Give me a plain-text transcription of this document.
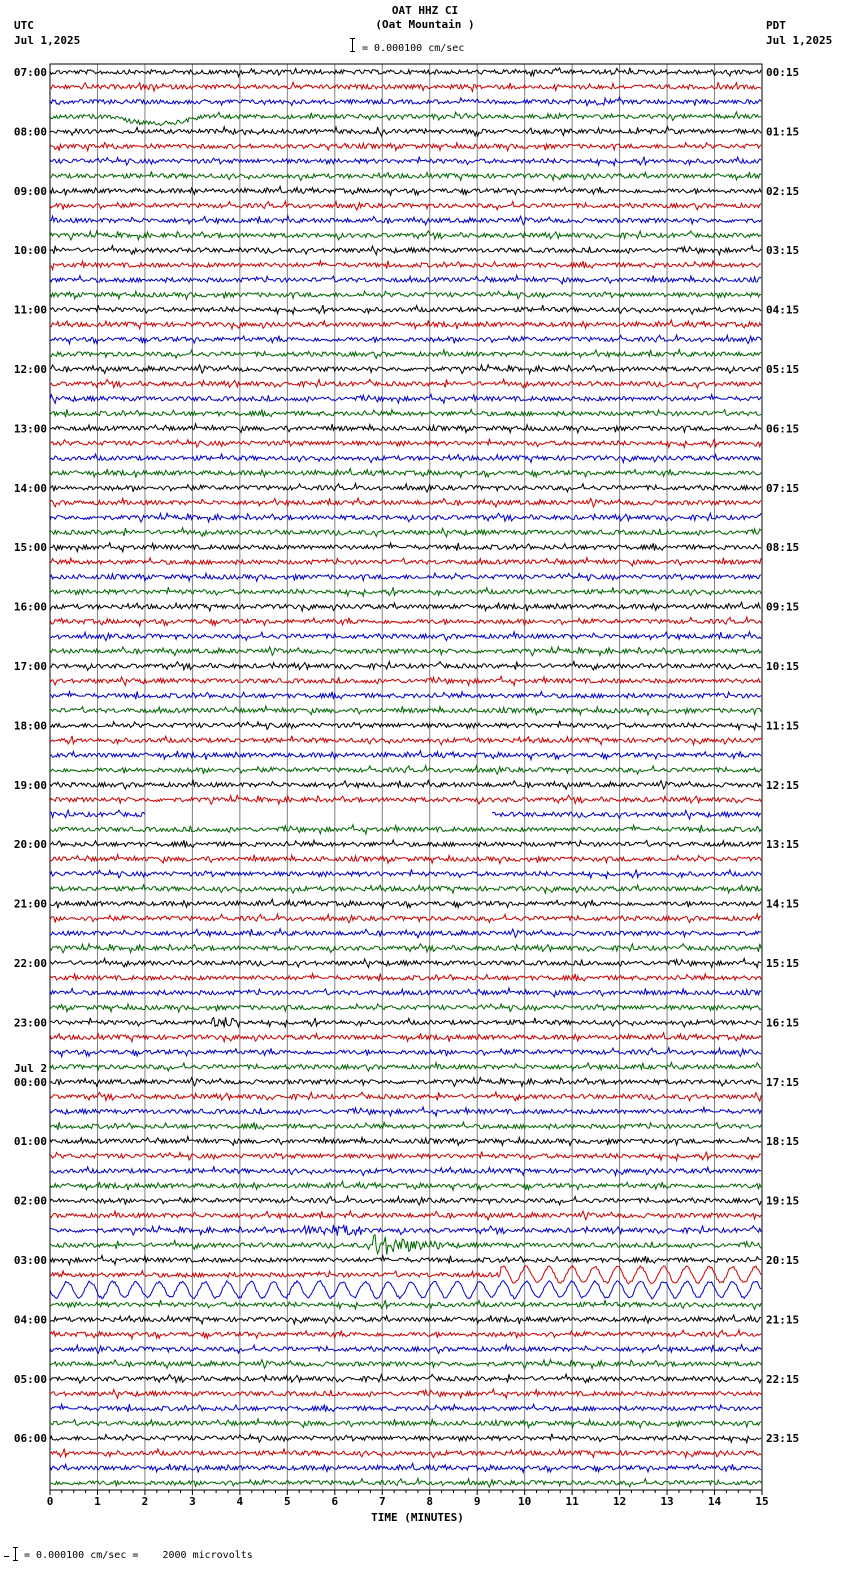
OAT HHZ CI
(Oat Mountain )
UTC
Jul 1,2025
PDT
Jul 1,2025
= 0.000100 cm/sec
0	1	2	3	4	5	6	7	8	9	10	11	12	13	14	15
07:00
08:00
09:00
10:00
11:00
12:00
13:00
14:00
15:00
16:00
17:00
18:00
19:00
20:00
21:00
22:00
23:00
00:00
01:00
02:00
03:00
04:00
05:00
06:00
Jul 2
00:15
01:15
02:15
03:15
04:15
05:15
06:15
07:15
08:15
09:15
10:15
11:15
12:15
13:15
14:15
15:15
16:15
17:15
18:15
19:15
20:15
21:15
22:15
23:15
TIME (MINUTES)
= 0.000100 cm/sec =    2000 microvolts
